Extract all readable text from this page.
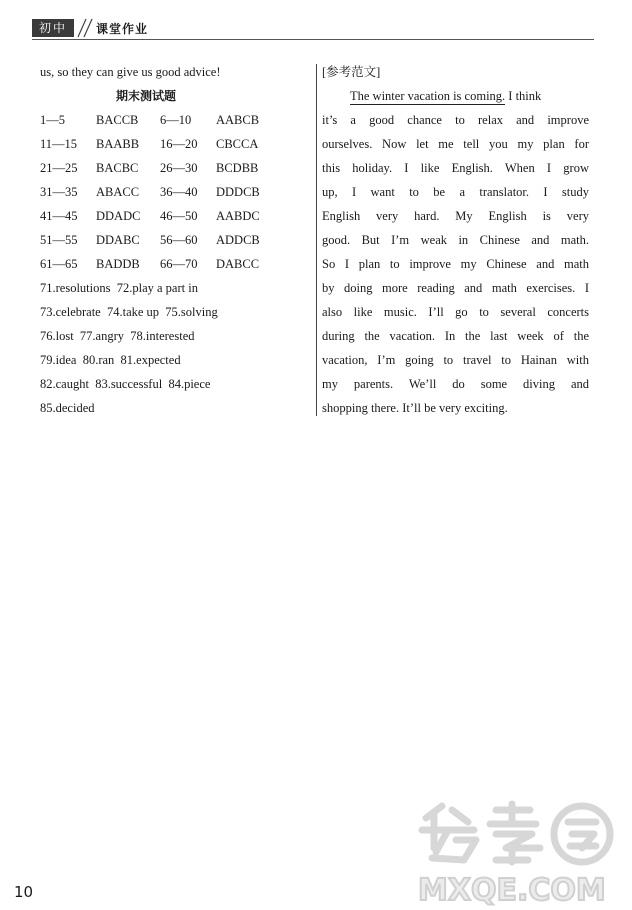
初中	课堂作业
us, so they can give us good advice!
期末测试题
1—5 BACCB 6—10 AABCB
11—15 BAABB 16—20 CBCCA
21—25 BACBC 26—30 BCDBB
31—35 ABACC 36—40 DDDCB
41—45 DDADC 46—50 AABDC
51—55 DDABC 56—60 ADDCB
61—65 BADDB 66—70 DABCC
71.resolutions  72.play a part in
73.celebrate  74.take up  75.solving
76.lost  77.angry  78.interested
79.idea  80.ran  81.expected
82.caught  83.successful  84.piece
85.decided
[参考范文]
The winter vacation is coming. I think
it’s a good chance to relax and improve
ourselves. Now let me tell you my plan for
this holiday. I like English. When I grow
up, I want to be a translator. I study
English very hard. My English is very
good. But I’m weak in Chinese and math.
So I plan to improve my Chinese and math
by doing more reading and math exercises. I
also like music. I’ll go to several concerts
during the vacation. In the last week of the
vacation, I’m going to travel to Hainan with
my parents. We’ll do some diving and
shopping there. It’ll be very exciting.
10	MXQE.COM
